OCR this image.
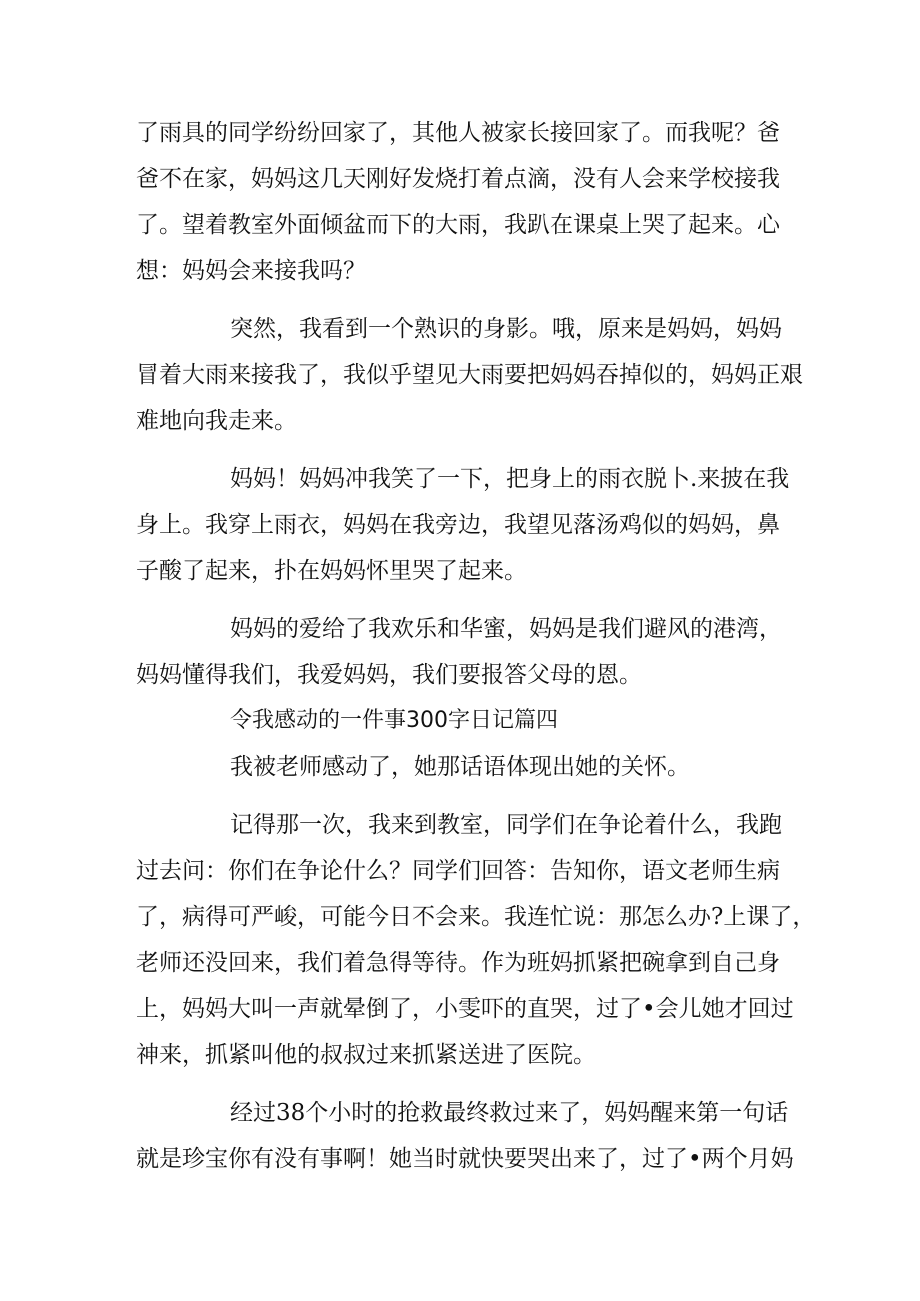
了雨具的同学纷纷回家了，其他人被家长接回家了。而我呢？爸
爸不在家，妈妈这几天刚好发烧打着点滴，没有人会来学校接我
了。望着教室外面倾盆而下的大雨，我趴在课桌上哭了起来。心
想：妈妈会来接我吗？
突然，我看到一个熟识的身影。哦，原来是妈妈，妈妈
冒着大雨来接我了，我似乎望见大雨要把妈妈吞掉似的，妈妈正艰
难地向我走来。
妈妈！妈妈冲我笑了一下，把身上的雨衣脱卜.来披在我
身上。我穿上雨衣，妈妈在我旁边，我望见落汤鸡似的妈妈，鼻
子酸了起来，扑在妈妈怀里哭了起来。
妈妈的爱给了我欢乐和华蜜，妈妈是我们避风的港湾，
妈妈懂得我们，我爱妈妈，我们要报答父母的恩。
令我感动的一件事300字日记篇四
我被老师感动了，她那话语体现出她的关怀。
记得那一次，我来到教室，同学们在争论着什么，我跑
过去问：你们在争论什么？同学们回答：告知你，语文老师生病
了，病得可严峻，可能今日不会来。我连忙说：那怎么办?上课了，
老师还没回来，我们着急得等待。作为班妈抓紧把碗拿到自己身
上，妈妈大叫一声就晕倒了，小雯吓的直哭，过了•会儿她才回过
神来，抓紧叫他的叔叔过来抓紧送进了医院。
经过38个小时的抢救最终救过来了，妈妈醒来第一句话
就是珍宝你有没有事啊！她当时就快要哭出来了，过了•两个月妈
